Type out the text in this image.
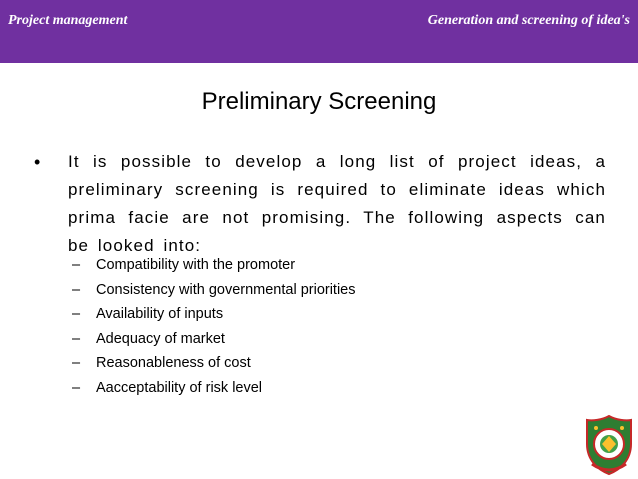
Project management	Generation and screening of idea's
Preliminary Screening
• It is possible to develop a long list of project ideas, a preliminary screening is required to eliminate ideas which prima facie are not promising. The following aspects can be looked into:
– Compatibility with the promoter
– Consistency with governmental priorities
– Availability of inputs
– Adequacy of market
– Reasonableness of cost
– Aacceptability of risk level
